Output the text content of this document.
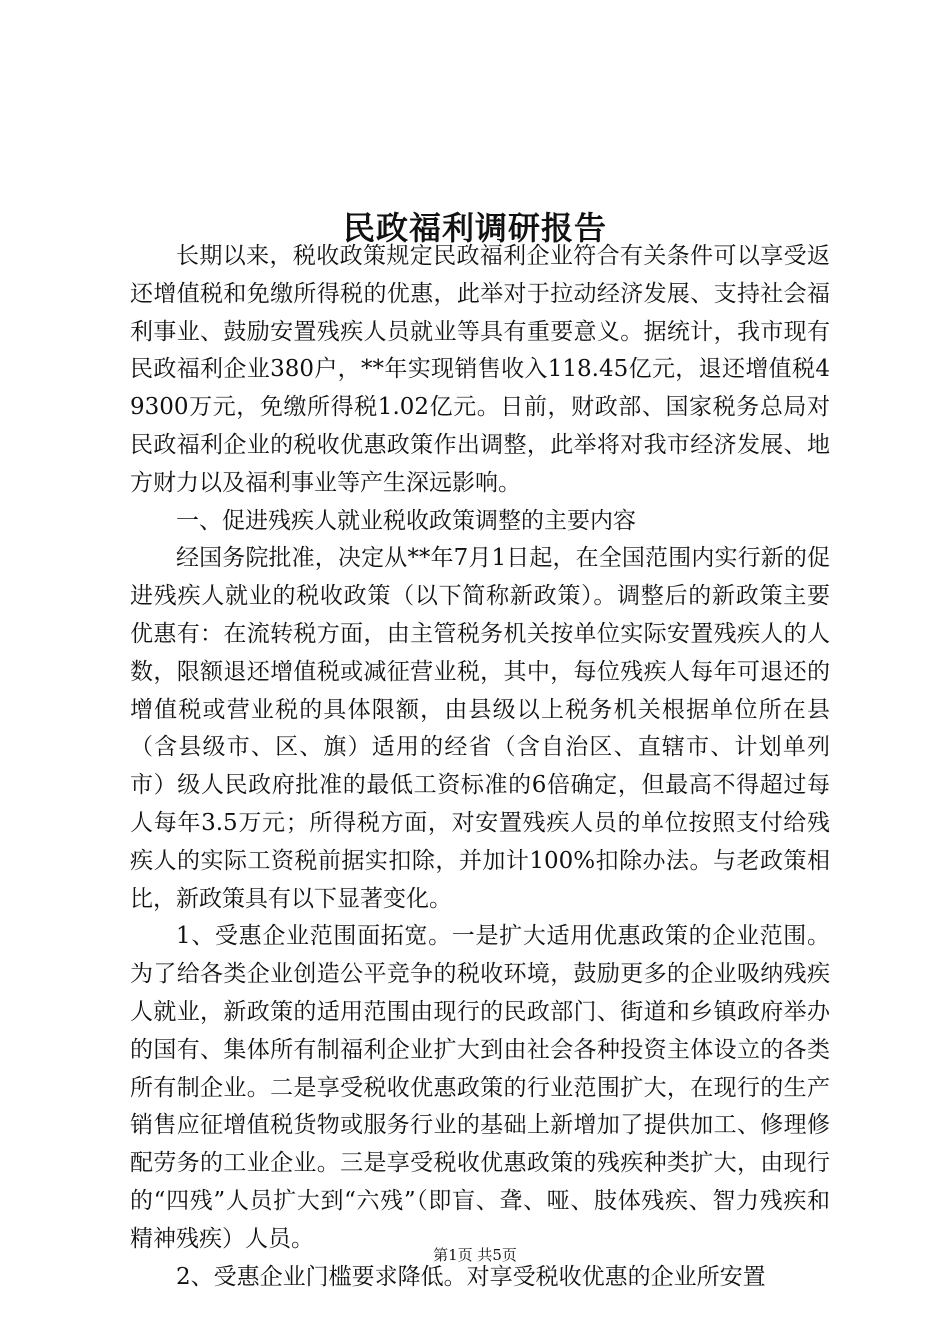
民政福利调研报告

长期以来，税收政策规定民政福利企业符合有关条件可以享受返还增值税和免缴所得税的优惠，此举对于拉动经济发展、支持社会福利事业、鼓励安置残疾人员就业等具有重要意义。据统计，我市现有民政福利企业380户，**年实现销售收入118.45亿元，退还增值税49300万元，免缴所得税1.02亿元。日前，财政部、国家税务总局对民政福利企业的税收优惠政策作出调整，此举将对我市经济发展、地方财力以及福利事业等产生深远影响。

一、促进残疾人就业税收政策调整的主要内容

经国务院批准，决定从**年7月1日起，在全国范围内实行新的促进残疾人就业的税收政策（以下简称新政策）。调整后的新政策主要优惠有：在流转税方面，由主管税务机关按单位实际安置残疾人的人数，限额退还增值税或减征营业税，其中，每位残疾人每年可退还的增值税或营业税的具体限额，由县级以上税务机关根据单位所在县（含县级市、区、旗）适用的经省（含自治区、直辖市、计划单列市）级人民政府批准的最低工资标准的6倍确定，但最高不得超过每人每年3.5万元；所得税方面，对安置残疾人员的单位按照支付给残疾人的实际工资税前据实扣除，并加计100%扣除办法。与老政策相比，新政策具有以下显著变化。

1、受惠企业范围面拓宽。一是扩大适用优惠政策的企业范围。为了给各类企业创造公平竞争的税收环境，鼓励更多的企业吸纳残疾人就业，新政策的适用范围由现行的民政部门、街道和乡镇政府举办的国有、集体所有制福利企业扩大到由社会各种投资主体设立的各类所有制企业。二是享受税收优惠政策的行业范围扩大，在现行的生产销售应征增值税货物或服务行业的基础上新增加了提供加工、修理修配劳务的工业企业。三是享受税收优惠政策的残疾种类扩大，由现行的“四残”人员扩大到“六残”（即盲、聋、哑、肢体残疾、智力残疾和精神残疾）人员。

2、受惠企业门槛要求降低。对享受税收优惠的企业所安置

第1页 共5页
